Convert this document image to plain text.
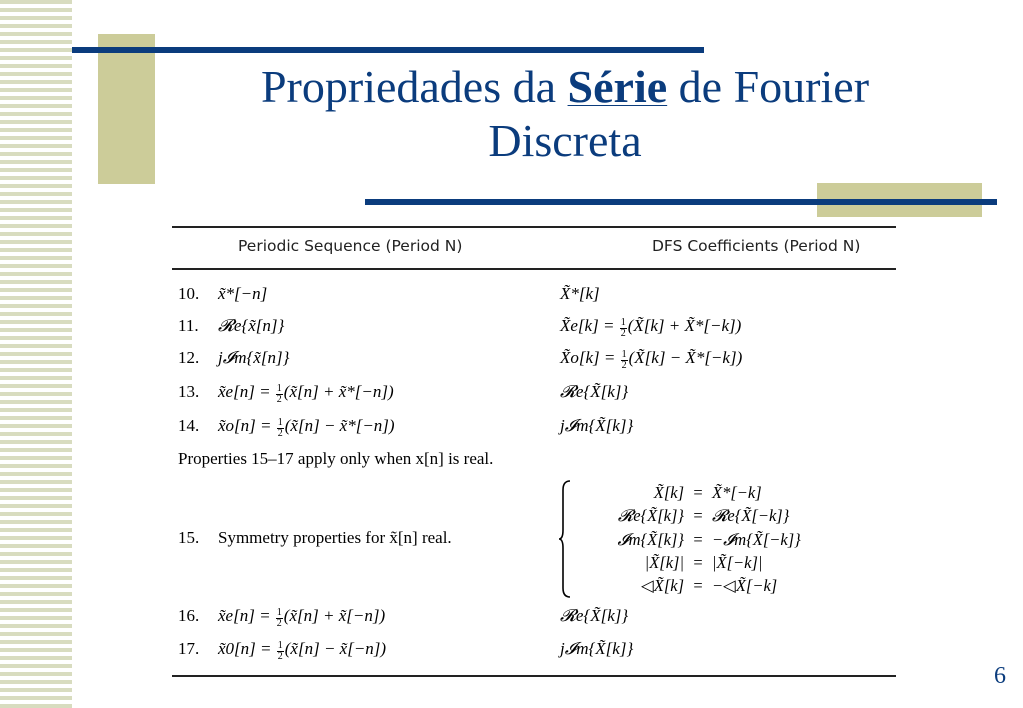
Propriedades da Série de Fourier
Discreta
Periodic Sequence (Period N)	DFS Coefficients (Period N)
10. x̃*[−n]	X̃*[k]
11. 𝓡e{x̃[n]}	X̃e[k] = $\frac{1}{2}$ (X̃[k] + X̃*[−k])
12. j𝓘m{x̃[n]}	X̃o[k] = $\frac{1}{2}$ (X̃[k] − X̃*[−k])
13. x̃e[n] = $\frac{1}{2}$ (x̃[n] + x̃*[−n])	𝓡e{X̃[k]}
14. x̃o[n] = $\frac{1}{2}$ (x̃[n] − x̃*[−n])	j𝓘m{X̃[k]}
Properties 15–17 apply only when x[n] is real.
15. Symmetry properties for x̃[n] real.
X̃[k] = X̃*[−k]
𝓡e{X̃[k]} = 𝓡e{X̃[−k]}
𝓘m{X̃[k]} = −𝓘m{X̃[−k]}
|X̃[k]| = |X̃[−k]|
◁X̃[k] = −◁X̃[−k]
16. x̃e[n] = $\frac{1}{2}$ (x̃[n] + x̃[−n])	𝓡e{X̃[k]}
17. x̃0[n] = $\frac{1}{2}$ (x̃[n] − x̃[−n])	j𝓘m{X̃[k]}
6
